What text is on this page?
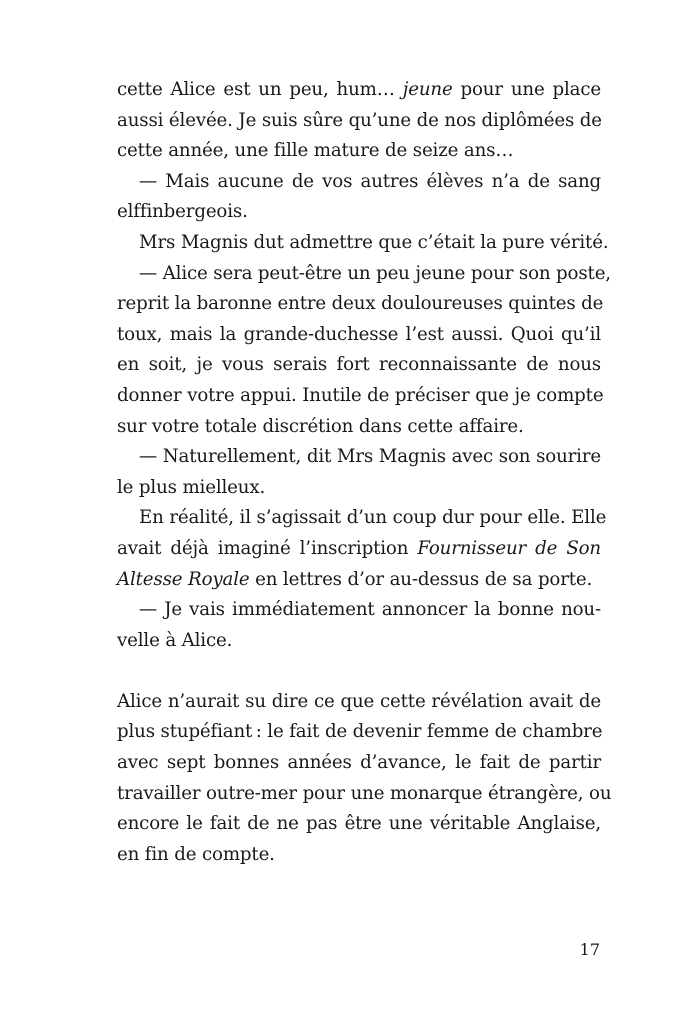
cette Alice est un peu, hum… jeune pour une place
aussi élevée. Je suis sûre qu’une de nos diplômées de
cette année, une fille mature de seize ans…
— Mais aucune de vos autres élèves n’a de sang
elffinbergeois.
Mrs Magnis dut admettre que c’était la pure vérité.
— Alice sera peut-être un peu jeune pour son poste,
reprit la baronne entre deux douloureuses quintes de
toux, mais la grande-duchesse l’est aussi. Quoi qu’il
en soit, je vous serais fort reconnaissante de nous
donner votre appui. Inutile de préciser que je compte
sur votre totale discrétion dans cette affaire.
— Naturellement, dit Mrs Magnis avec son sourire
le plus mielleux.
En réalité, il s’agissait d’un coup dur pour elle. Elle
avait déjà imaginé l’inscription Fournisseur de Son
Altesse Royale en lettres d’or au-dessus de sa porte.
— Je vais immédiatement annoncer la bonne nou-
velle à Alice.
Alice n’aurait su dire ce que cette révélation avait de
plus stupéfiant : le fait de devenir femme de chambre
avec sept bonnes années d’avance, le fait de partir
travailler outre-mer pour une monarque étrangère, ou
encore le fait de ne pas être une véritable Anglaise,
en fin de compte.
17
